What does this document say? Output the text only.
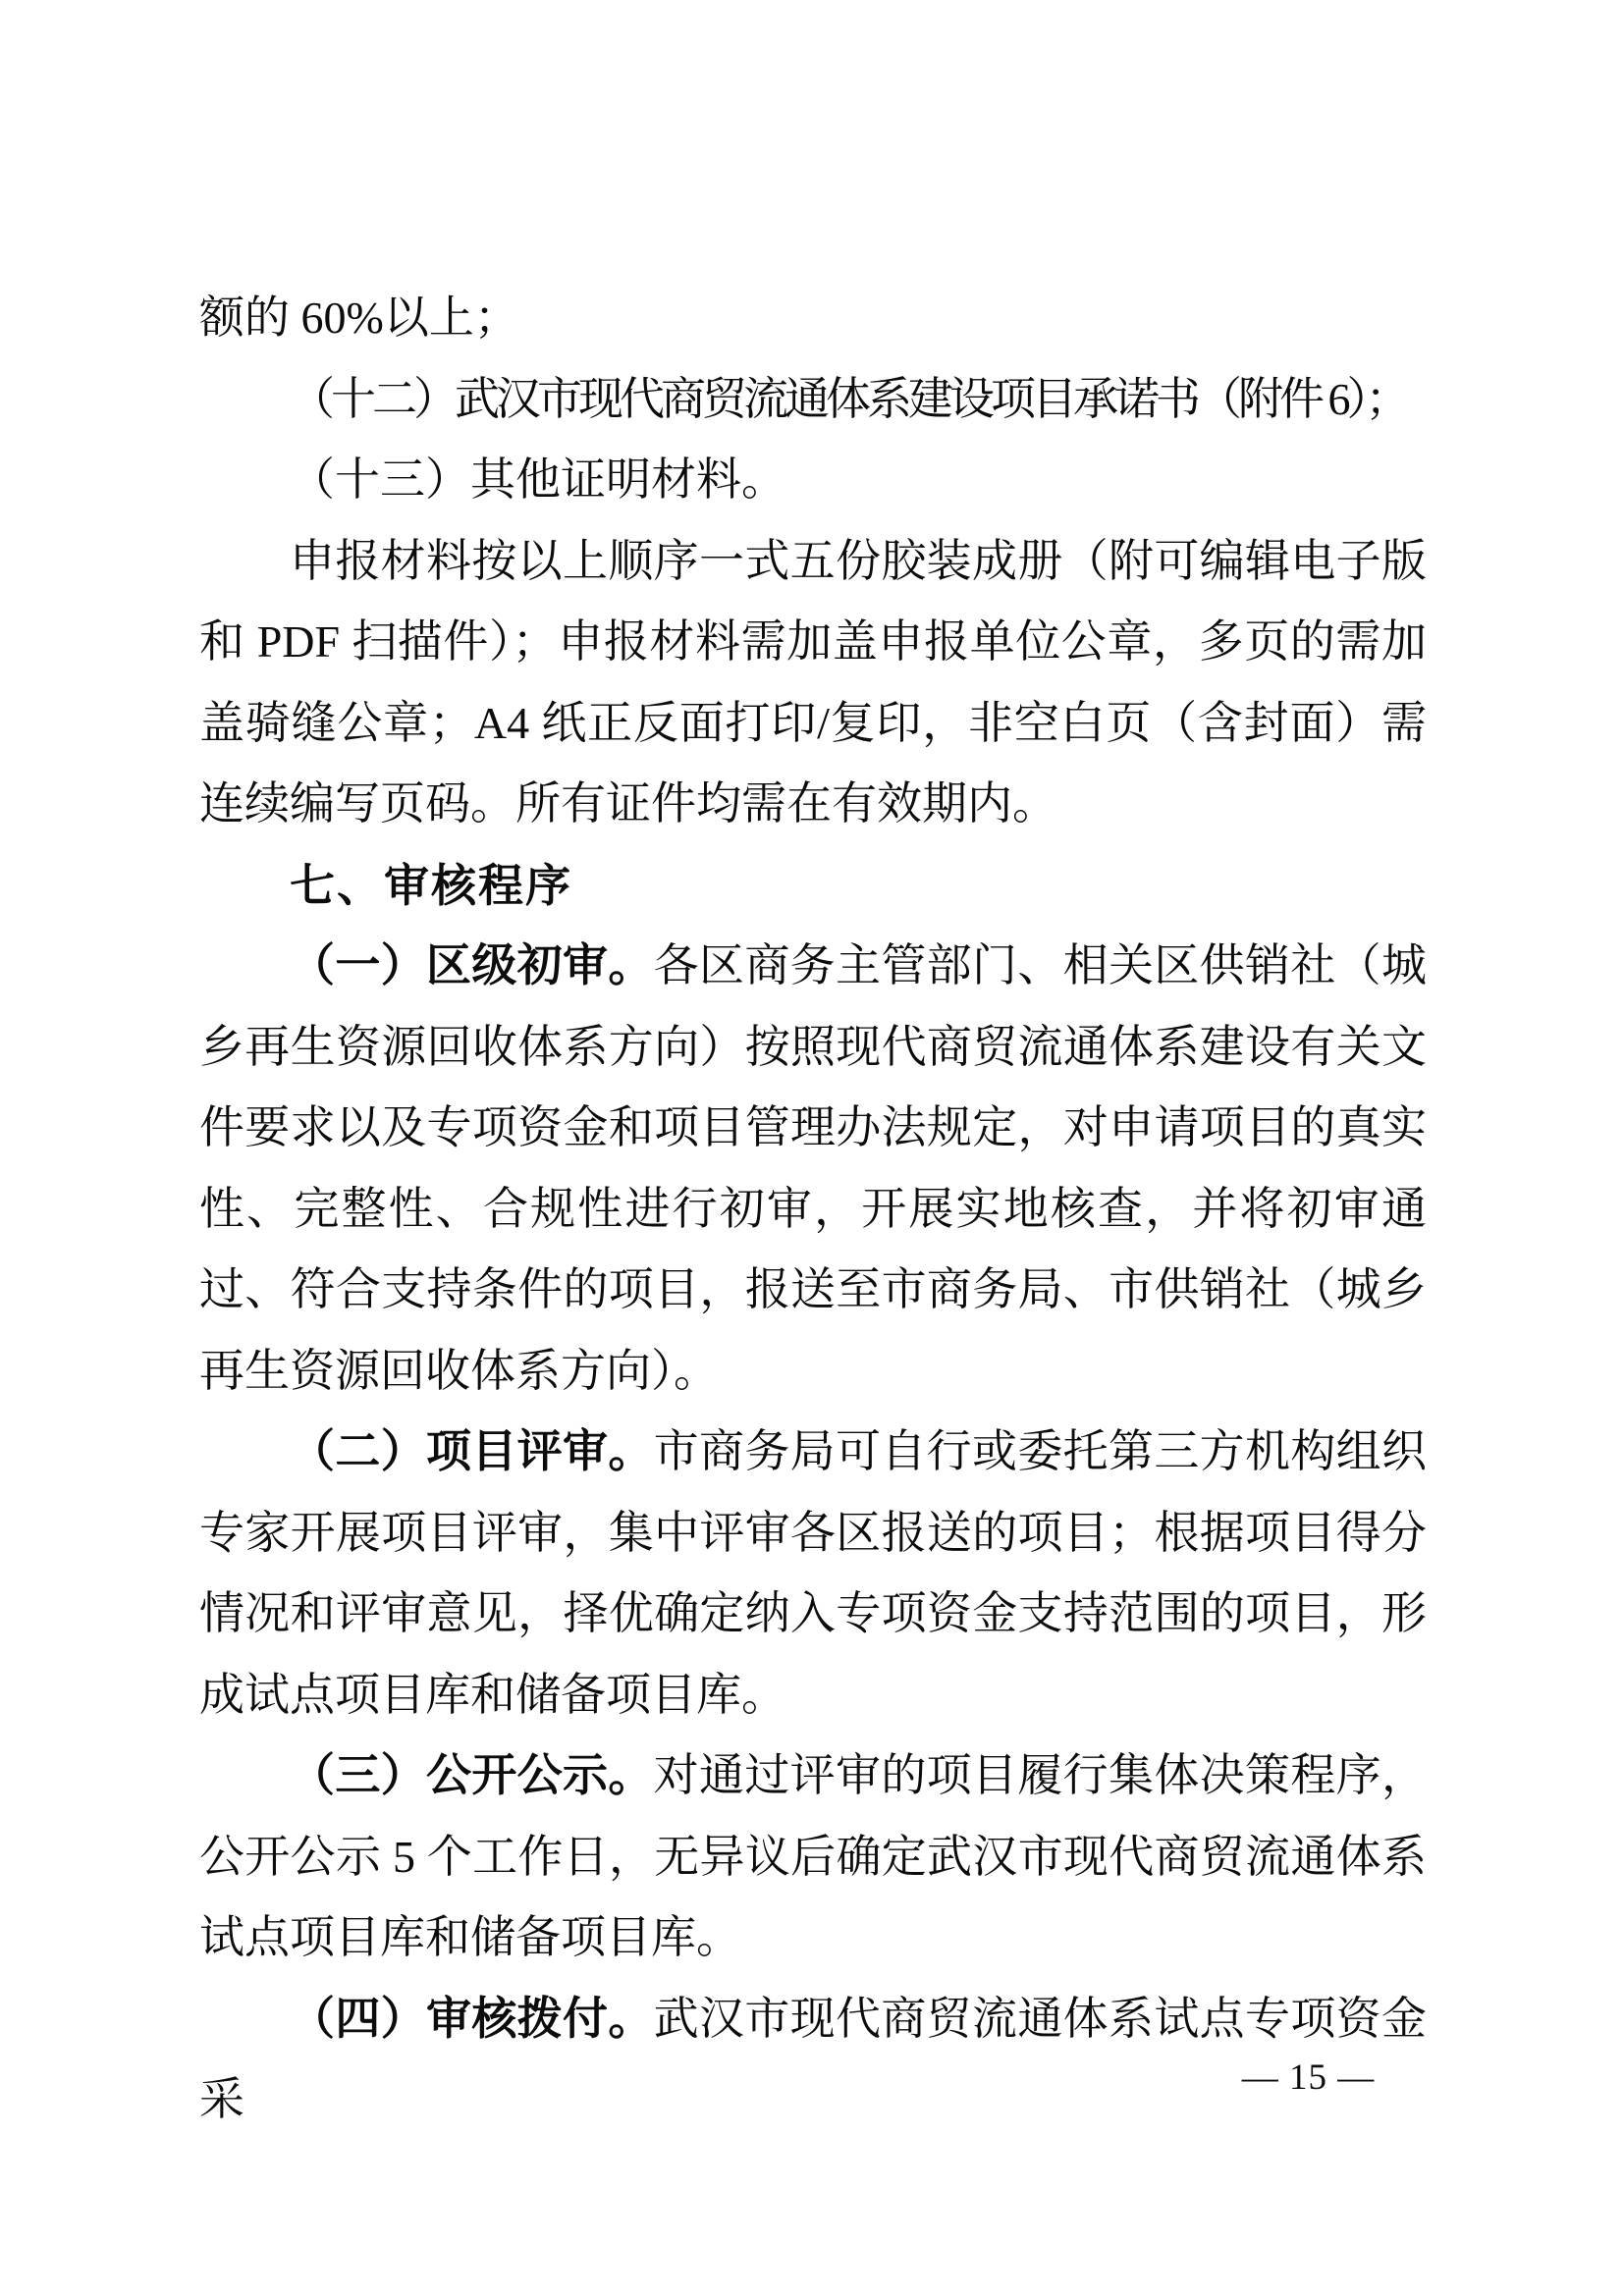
额的 60%以上；

（十二）武汉市现代商贸流通体系建设项目承诺书（附件 6）；

（十三）其他证明材料。

申报材料按以上顺序一式五份胶装成册（附可编辑电子版和 PDF 扫描件）；申报材料需加盖申报单位公章，多页的需加盖骑缝公章；A4 纸正反面打印/复印，非空白页（含封面）需连续编写页码。所有证件均需在有效期内。

七、审核程序

（一）区级初审。各区商务主管部门、相关区供销社（城乡再生资源回收体系方向）按照现代商贸流通体系建设有关文件要求以及专项资金和项目管理办法规定，对申请项目的真实性、完整性、合规性进行初审，开展实地核查，并将初审通过、符合支持条件的项目，报送至市商务局、市供销社（城乡再生资源回收体系方向）。

（二）项目评审。市商务局可自行或委托第三方机构组织专家开展项目评审，集中评审各区报送的项目；根据项目得分情况和评审意见，择优确定纳入专项资金支持范围的项目，形成试点项目库和储备项目库。

（三）公开公示。对通过评审的项目履行集体决策程序，公开公示 5 个工作日，无异议后确定武汉市现代商贸流通体系试点项目库和储备项目库。

（四）审核拨付。武汉市现代商贸流通体系试点专项资金采	— 15 —
